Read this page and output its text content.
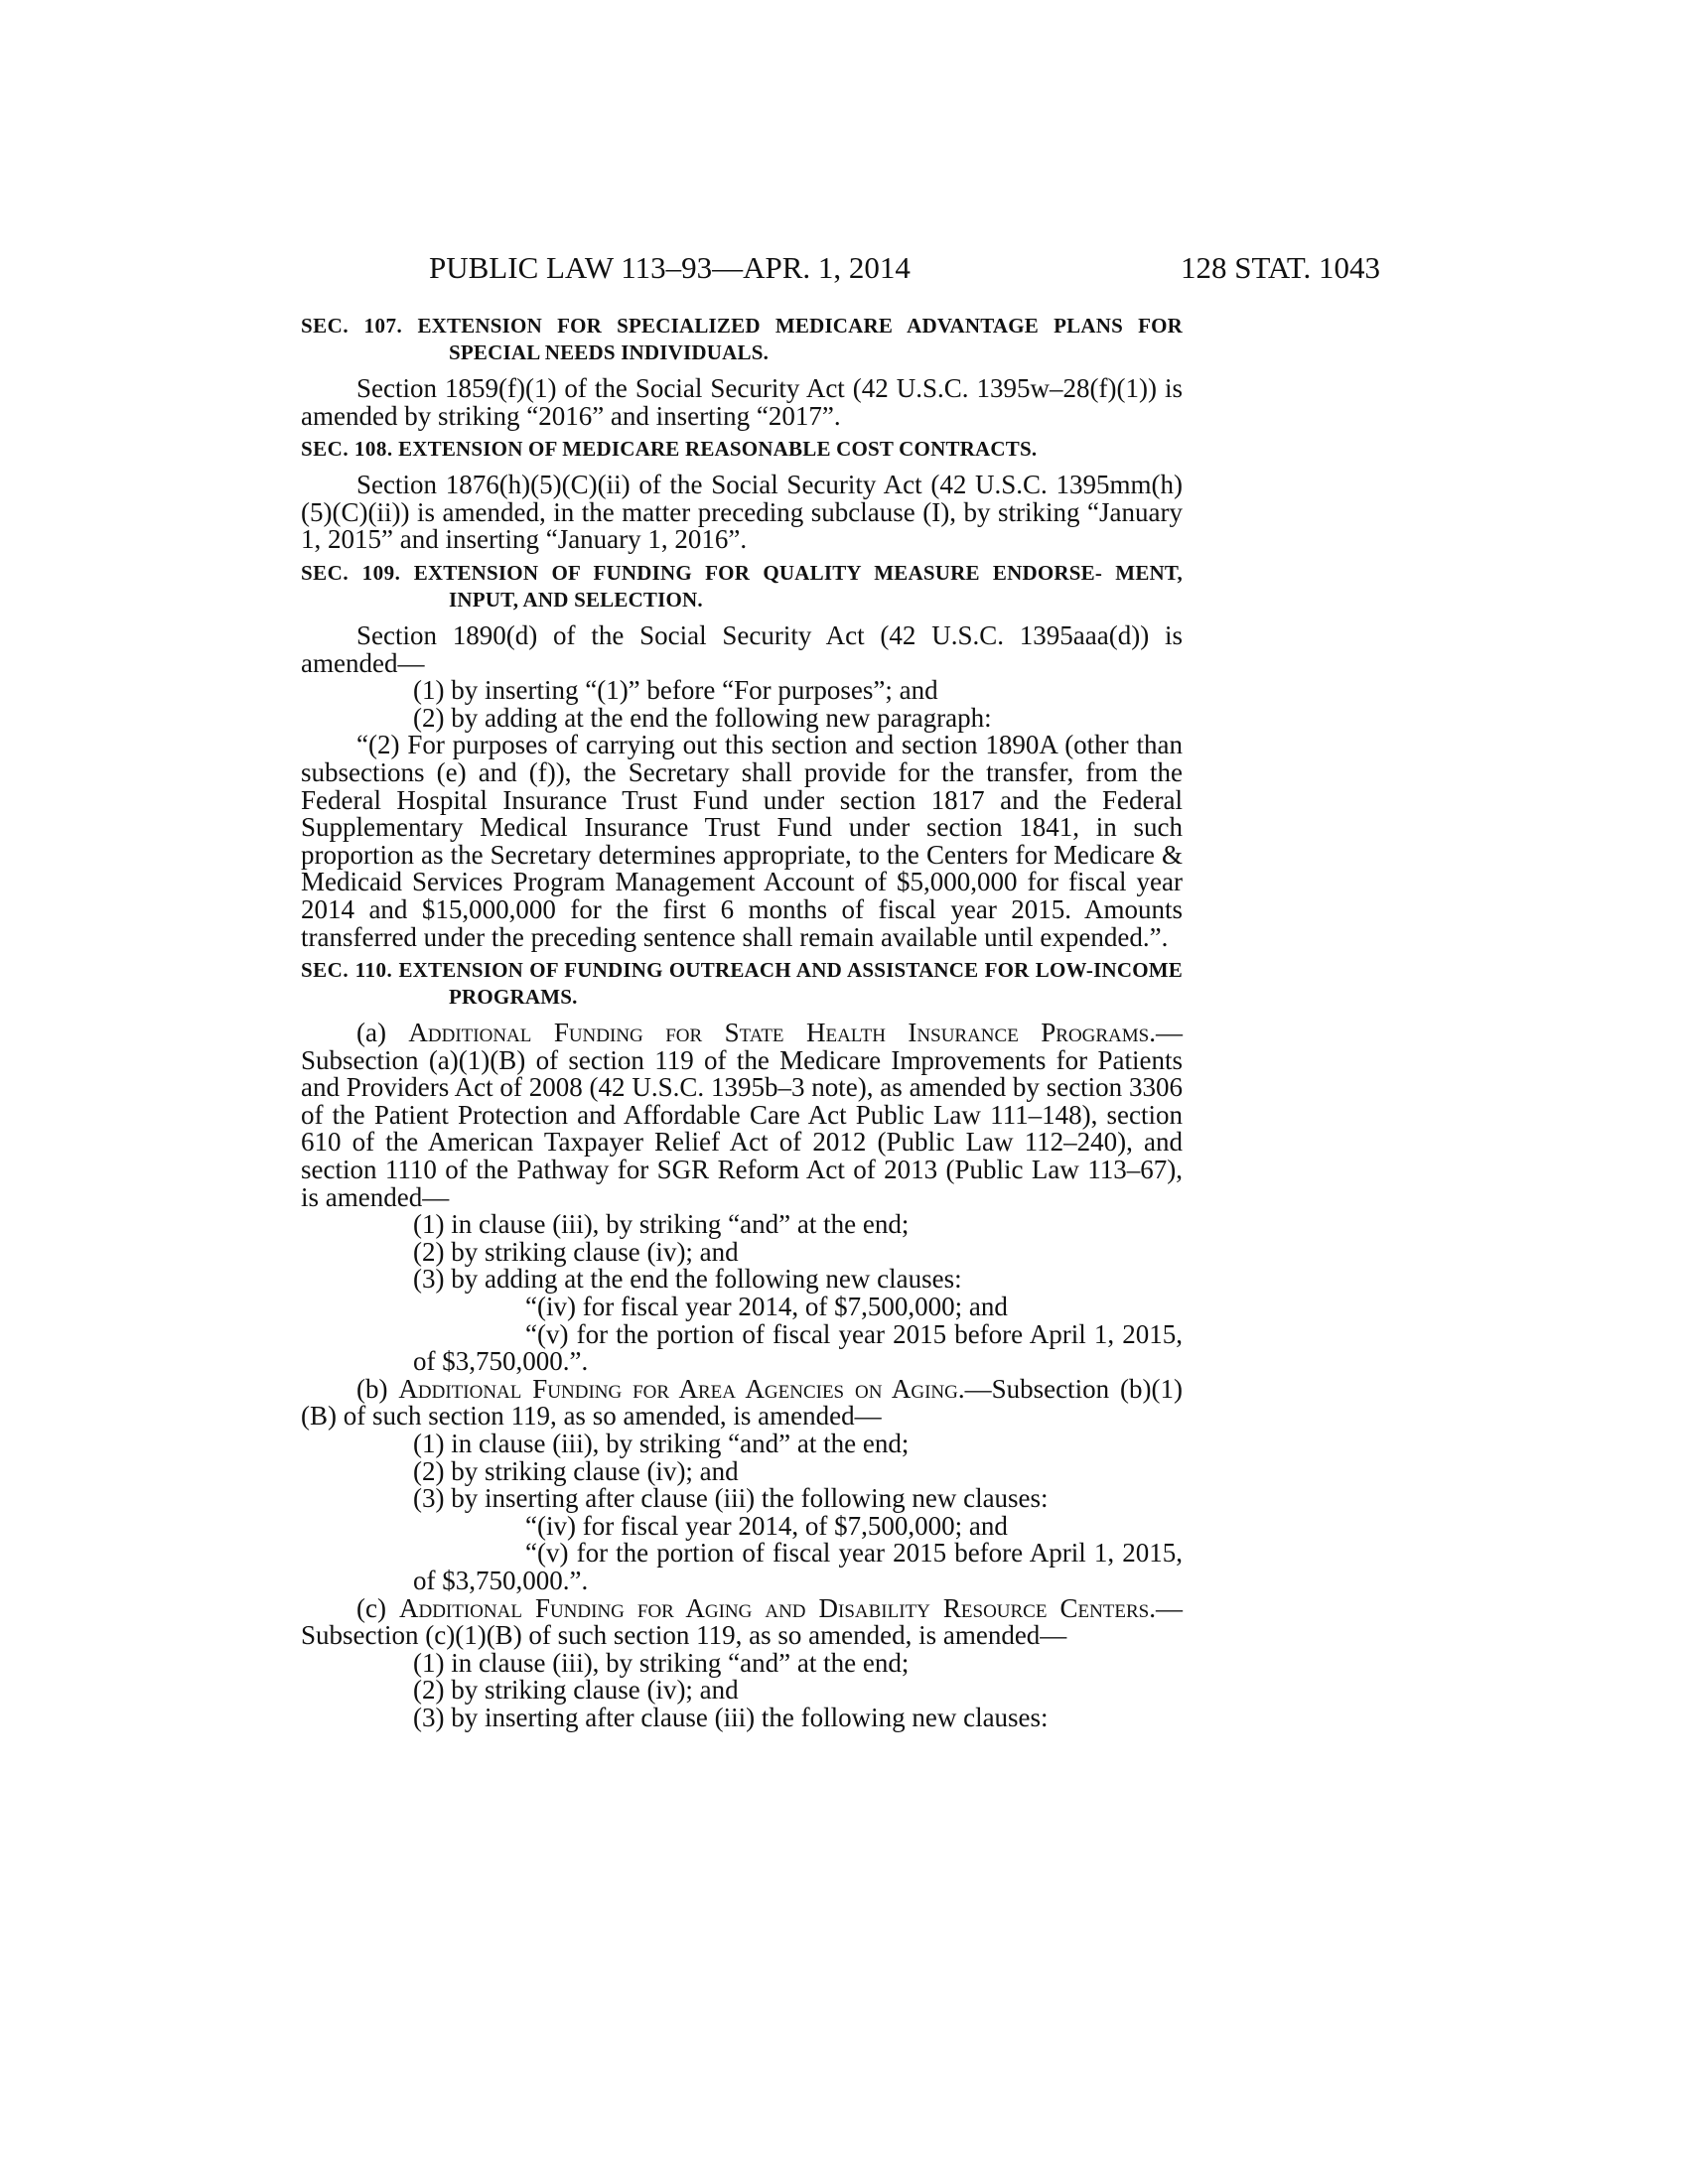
PUBLIC LAW 113–93—APR. 1, 2014	128 STAT. 1043
SEC. 107. EXTENSION FOR SPECIALIZED MEDICARE ADVANTAGE PLANS FOR SPECIAL NEEDS INDIVIDUALS.

Section 1859(f)(1) of the Social Security Act (42 U.S.C. 1395w–28(f)(1)) is amended by striking “2016” and inserting “2017”.

SEC. 108. EXTENSION OF MEDICARE REASONABLE COST CONTRACTS.

Section 1876(h)(5)(C)(ii) of the Social Security Act (42 U.S.C. 1395mm(h)(5)(C)(ii)) is amended, in the matter preceding subclause (I), by striking “January 1, 2015” and inserting “January 1, 2016”.

SEC. 109. EXTENSION OF FUNDING FOR QUALITY MEASURE ENDORSE- MENT, INPUT, AND SELECTION.

Section 1890(d) of the Social Security Act (42 U.S.C. 1395aaa(d)) is amended—

(1) by inserting “(1)” before “For purposes”; and

(2) by adding at the end the following new paragraph:

“(2) For purposes of carrying out this section and section 1890A (other than subsections (e) and (f)), the Secretary shall provide for the transfer, from the Federal Hospital Insurance Trust Fund under section 1817 and the Federal Supplementary Medical Insurance Trust Fund under section 1841, in such proportion as the Secretary determines appropriate, to the Centers for Medicare & Medicaid Services Program Management Account of $5,000,000 for fiscal year 2014 and $15,000,000 for the first 6 months of fiscal year 2015. Amounts transferred under the preceding sentence shall remain available until expended.”.

SEC. 110. EXTENSION OF FUNDING OUTREACH AND ASSISTANCE FOR LOW-INCOME PROGRAMS.

(a) Additional Funding for State Health Insurance Programs.—Subsection (a)(1)(B) of section 119 of the Medicare Improvements for Patients and Providers Act of 2008 (42 U.S.C. 1395b–3 note), as amended by section 3306 of the Patient Protection and Affordable Care Act Public Law 111–148), section 610 of the American Taxpayer Relief Act of 2012 (Public Law 112–240), and section 1110 of the Pathway for SGR Reform Act of 2013 (Public Law 113–67), is amended—

(1) in clause (iii), by striking “and” at the end;

(2) by striking clause (iv); and

(3) by adding at the end the following new clauses:

“(iv) for fiscal year 2014, of $7,500,000; and

“(v) for the portion of fiscal year 2015 before April 1, 2015, of $3,750,000.”.

(b) Additional Funding for Area Agencies on Aging.—Subsection (b)(1)(B) of such section 119, as so amended, is amended—

(1) in clause (iii), by striking “and” at the end;

(2) by striking clause (iv); and

(3) by inserting after clause (iii) the following new clauses:

“(iv) for fiscal year 2014, of $7,500,000; and

“(v) for the portion of fiscal year 2015 before April 1, 2015, of $3,750,000.”.

(c) Additional Funding for Aging and Disability Resource Centers.—Subsection (c)(1)(B) of such section 119, as so amended, is amended—

(1) in clause (iii), by striking “and” at the end;

(2) by striking clause (iv); and

(3) by inserting after clause (iii) the following new clauses:
